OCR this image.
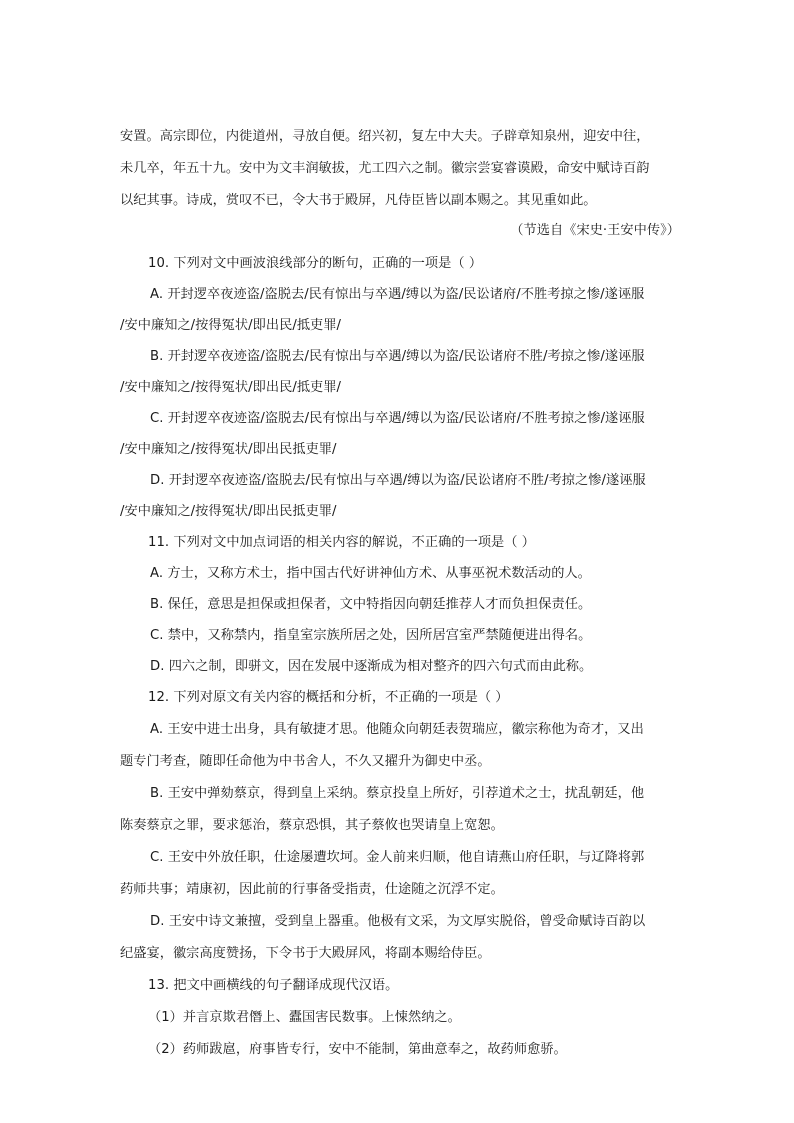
安置。高宗即位，内徙道州，寻放自便。绍兴初，复左中大夫。子辟章知泉州，迎安中往，
未几卒，年五十九。安中为文丰润敏拔，尤工四六之制。徽宗尝宴睿谟殿，命安中赋诗百韵
以纪其事。诗成，赏叹不已，令大书于殿屏，凡侍臣皆以副本赐之。其见重如此。
（节选自《宋史·王安中传》）
10. 下列对文中画波浪线部分的断句，正确的一项是（ ）
A. 开封逻卒夜迹盗/盗脱去/民有惊出与卒遇/缚以为盗/民讼诸府/不胜考掠之惨/遂诬服
/安中廉知之/按得冤状/即出民/抵吏罪/
B. 开封逻卒夜迹盗/盗脱去/民有惊出与卒遇/缚以为盗/民讼诸府不胜/考掠之惨/遂诬服
/安中廉知之/按得冤状/即出民/抵吏罪/
C. 开封逻卒夜迹盗/盗脱去/民有惊出与卒遇/缚以为盗/民讼诸府/不胜考掠之惨/遂诬服
/安中廉知之/按得冤状/即出民抵吏罪/
D. 开封逻卒夜迹盗/盗脱去/民有惊出与卒遇/缚以为盗/民讼诸府不胜/考掠之惨/遂诬服
/安中廉知之/按得冤状/即出民抵吏罪/
11. 下列对文中加点词语的相关内容的解说，不正确的一项是（ ）
A. 方士，又称方术士，指中国古代好讲神仙方术、从事巫祝术数活动的人。
B. 保任，意思是担保或担保者，文中特指因向朝廷推荐人才而负担保责任。
C. 禁中，又称禁内，指皇室宗族所居之处，因所居宫室严禁随便进出得名。
D. 四六之制，即骈文，因在发展中逐渐成为相对整齐的四六句式而由此称。
12. 下列对原文有关内容的概括和分析，不正确的一项是（ ）
A. 王安中进士出身，具有敏捷才思。他随众向朝廷表贺瑞应，徽宗称他为奇才，又出
题专门考查，随即任命他为中书舍人，不久又擢升为御史中丞。
B. 王安中弹劾蔡京，得到皇上采纳。蔡京投皇上所好，引荐道术之士，扰乱朝廷，他
陈奏蔡京之罪，要求惩治，蔡京恐惧，其子蔡攸也哭请皇上宽恕。
C. 王安中外放任职，仕途屡遭坎坷。金人前来归顺，他自请燕山府任职，与辽降将郭
药师共事；靖康初，因此前的行事备受指责，仕途随之沉浮不定。
D. 王安中诗文兼擅，受到皇上器重。他极有文采，为文厚实脱俗，曾受命赋诗百韵以
纪盛宴，徽宗高度赞扬，下令书于大殿屏风，将副本赐给侍臣。
13. 把文中画横线的句子翻译成现代汉语。
（1）并言京欺君僭上、蠹国害民数事。上悚然纳之。
（2）药师跋扈，府事皆专行，安中不能制，第曲意奉之，故药师愈骄。
